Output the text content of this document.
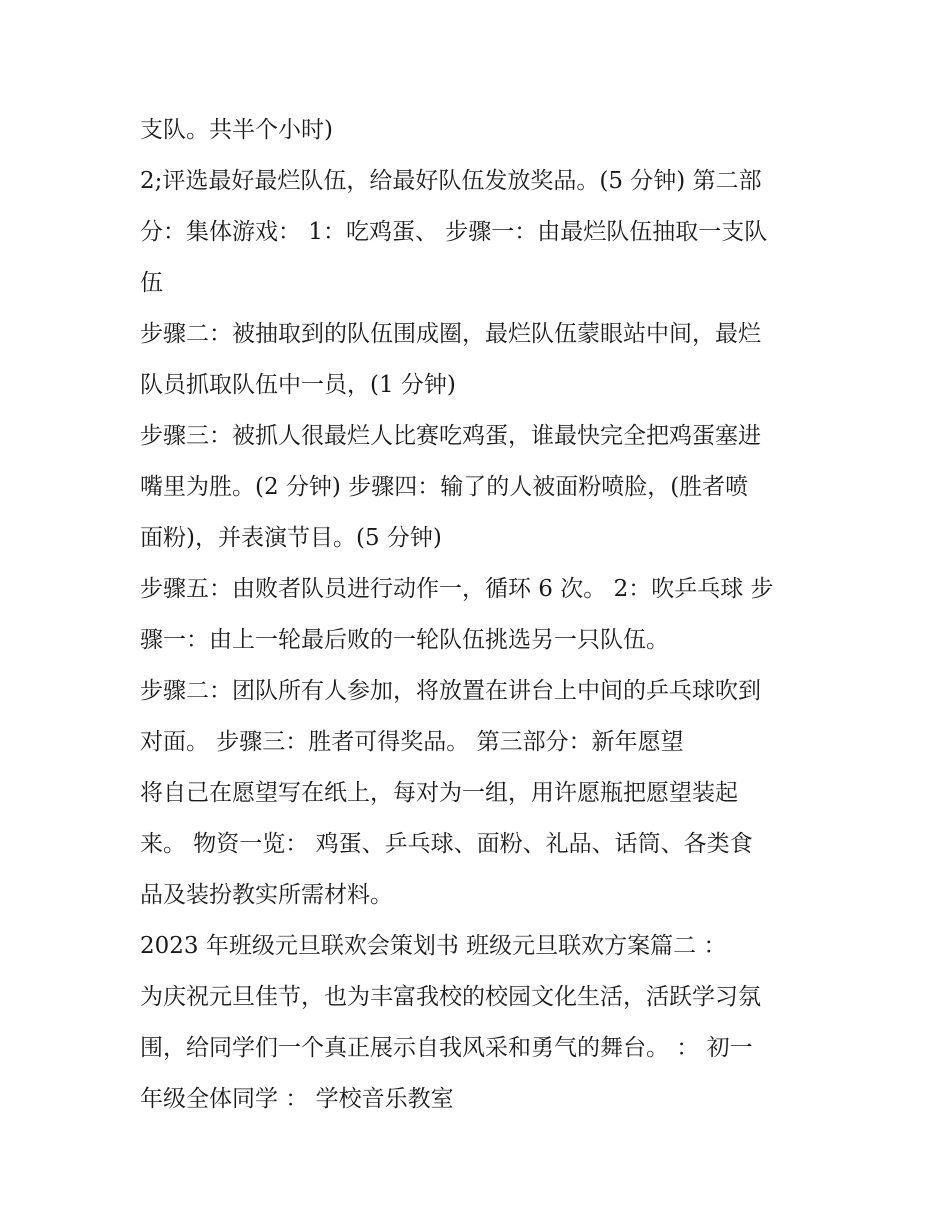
支队。共半个小时)
2;评选最好最烂队伍，给最好队伍发放奖品。(5 分钟) 第二部
分：集体游戏： 1：吃鸡蛋、 步骤一：由最烂队伍抽取一支队
伍
步骤二：被抽取到的队伍围成圈，最烂队伍蒙眼站中间，最烂
队员抓取队伍中一员，(1 分钟)
步骤三：被抓人很最烂人比赛吃鸡蛋，谁最快完全把鸡蛋塞进
嘴里为胜。(2 分钟) 步骤四：输了的人被面粉喷脸，(胜者喷
面粉)，并表演节目。(5 分钟)
步骤五：由败者队员进行动作一，循环 6 次。 2：吹乒乓球 步
骤一：由上一轮最后败的一轮队伍挑选另一只队伍。
步骤二：团队所有人参加，将放置在讲台上中间的乒乓球吹到
对面。 步骤三：胜者可得奖品。 第三部分：新年愿望
将自己在愿望写在纸上，每对为一组，用许愿瓶把愿望装起
来。 物资一览： 鸡蛋、乒乓球、面粉、礼品、话筒、各类食
品及装扮教实所需材料。
2023 年班级元旦联欢会策划书 班级元旦联欢方案篇二 ：
为庆祝元旦佳节，也为丰富我校的校园文化生活，活跃学习氛
围，给同学们一个真正展示自我风采和勇气的舞台。 ： 初一
年级全体同学 ： 学校音乐教室
